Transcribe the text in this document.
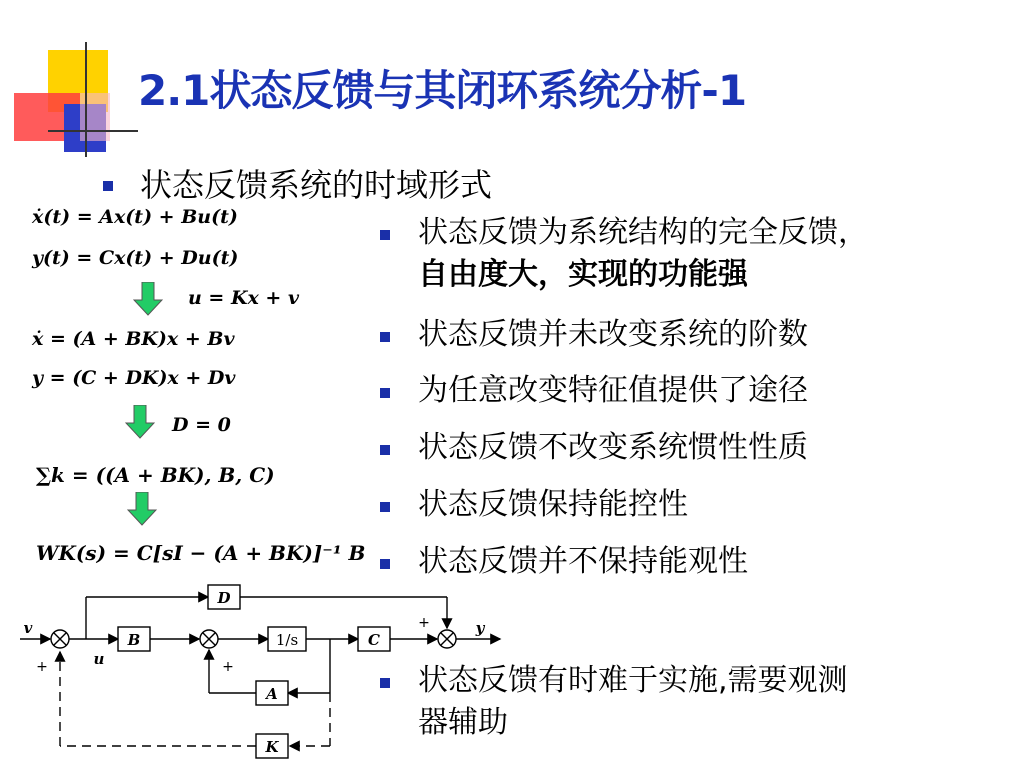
2.1状态反馈与其闭环系统分析-1
状态反馈系统的时域形式
ẋ(t) = Ax(t) + Bu(t)
y(t) = Cx(t) + Du(t)
u = Kx + v
ẋ = (A + BK)x + Bv
y = (C + DK)x + Dv
D = 0
∑k = ((A + BK), B, C)
WK(s) = C[sI − (A + BK)]⁻¹ B
状态反馈为系统结构的完全反馈，
自由度大，实现的功能强
状态反馈并未改变系统的阶数
为任意改变特征值提供了途径
状态反馈不改变系统惯性性质
状态反馈保持能控性
状态反馈并不保持能观性
状态反馈有时难于实施,需要观测
器辅助
B
D
1/s	C
A
K
v
u
y
+	+
+
